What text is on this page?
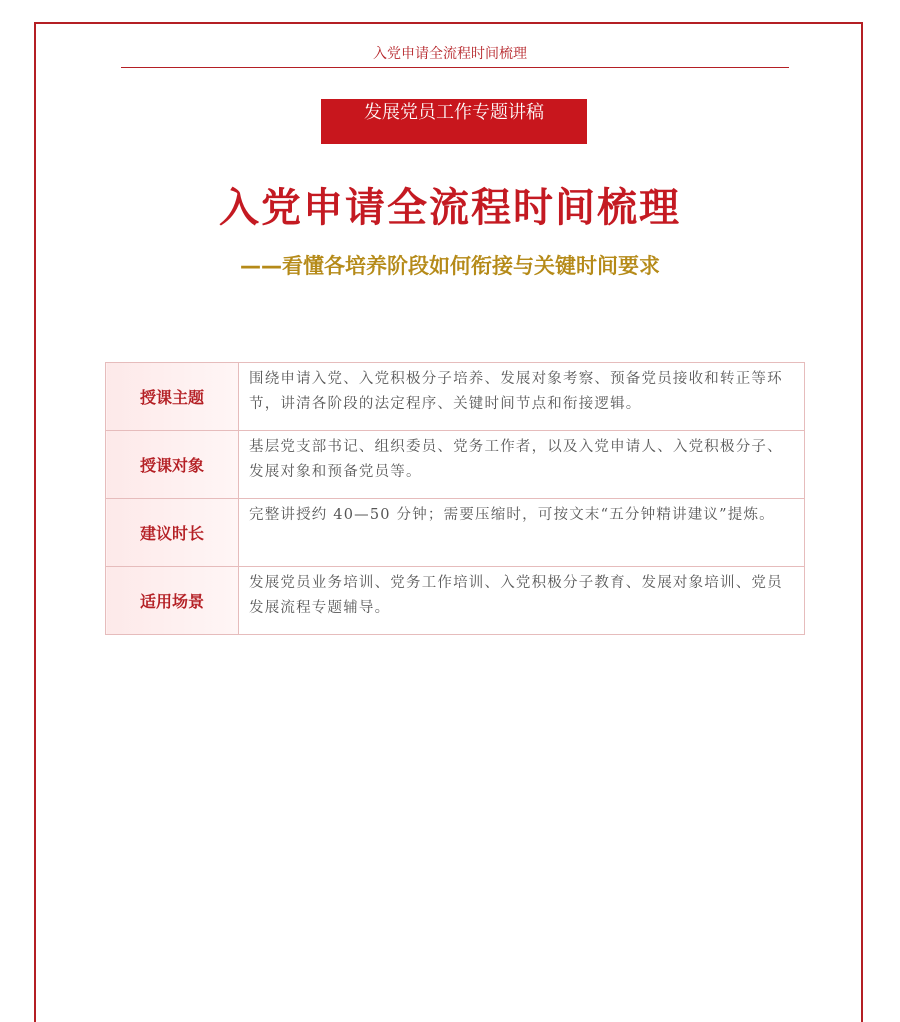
入党申请全流程时间梳理
发展党员工作专题讲稿
入党申请全流程时间梳理
——看懂各培养阶段如何衔接与关键时间要求
授课主题	围绕申请入党、入党积极分子培养、发展对象考察、预备党员接收和转正等环节，讲清各阶段的法定程序、关键时间节点和衔接逻辑。
授课对象	基层党支部书记、组织委员、党务工作者，以及入党申请人、入党积极分子、发展对象和预备党员等。
建议时长	完整讲授约 40—50 分钟；需要压缩时，可按文末“五分钟精讲建议”提炼。
适用场景	发展党员业务培训、党务工作培训、入党积极分子教育、发展对象培训、党员发展流程专题辅导。
